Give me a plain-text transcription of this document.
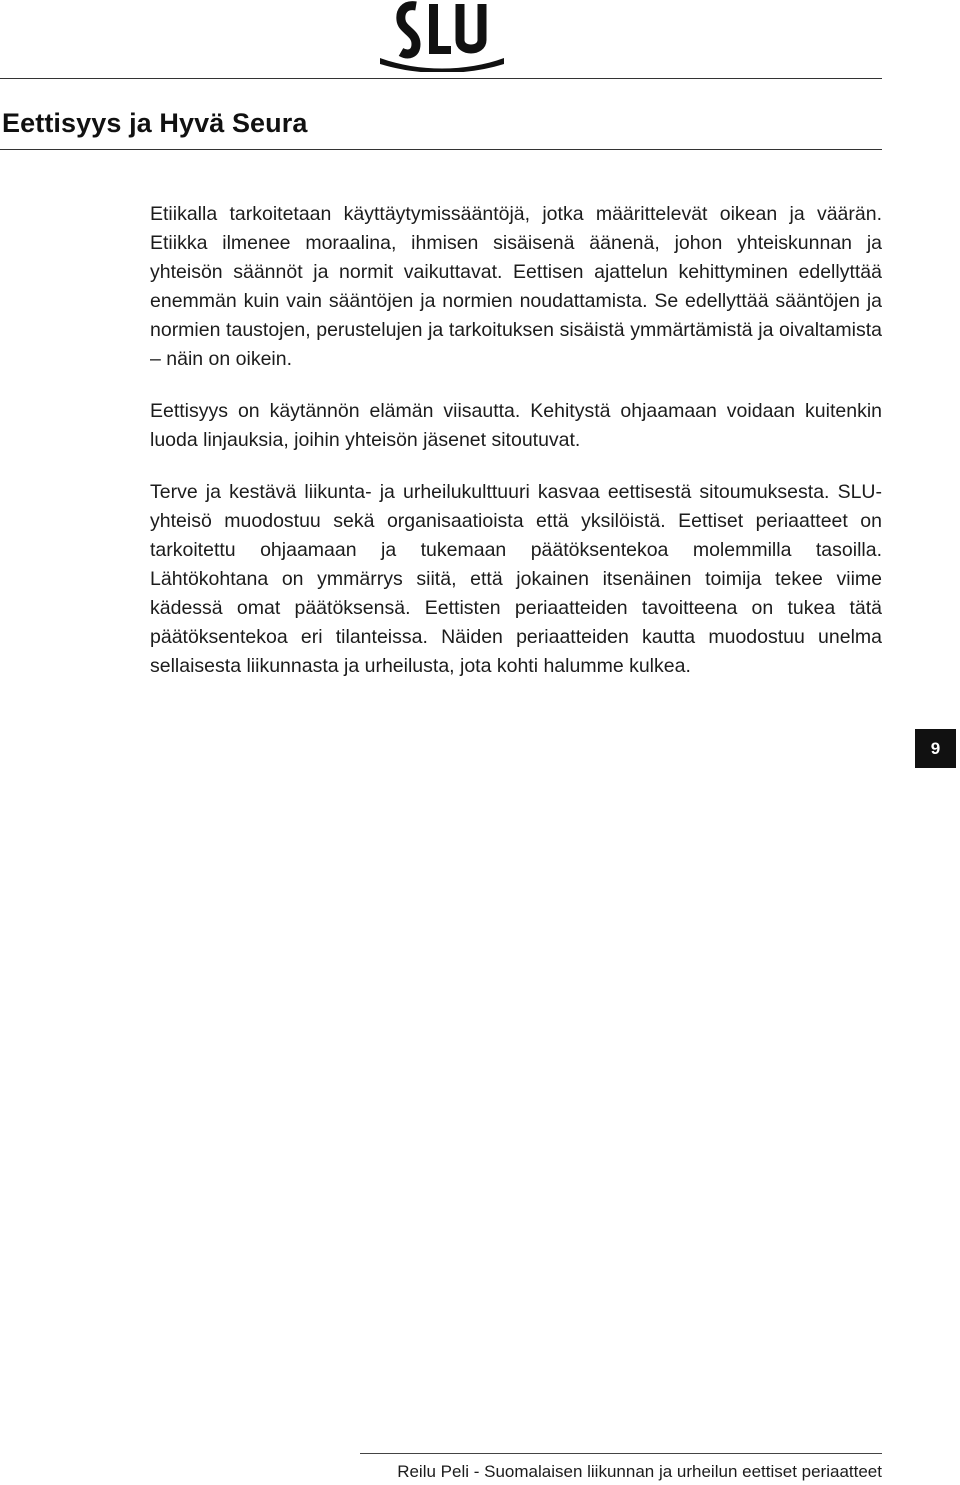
Eettisyys ja Hyvä Seura

Etiikalla tarkoitetaan käyttäytymissääntöjä, jotka määrittelevät oikean ja väärän. Etiikka ilmenee moraalina, ihmisen sisäisenä äänenä, johon yhteiskunnan ja yhteisön säännöt ja normit vaikuttavat. Eettisen ajattelun kehittyminen edellyttää enemmän kuin vain sääntöjen ja normien noudattamista. Se edellyttää sääntöjen ja normien taustojen, perustelujen ja tarkoituksen sisäistä ymmärtämistä ja oivaltamista – näin on oikein.

Eettisyys on käytännön elämän viisautta. Kehitystä ohjaamaan voidaan kuitenkin luoda linjauksia, joihin yhteisön jäsenet sitoutuvat.

Terve ja kestävä liikunta- ja urheilukulttuuri kasvaa eettisestä sitoumuksesta. SLU-yhteisö muodostuu sekä organisaatioista että yksilöistä. Eettiset periaatteet on tarkoitettu ohjaamaan ja tukemaan päätöksentekoa molemmilla tasoilla. Lähtökohtana on ymmärrys siitä, että jokainen itsenäinen toimija tekee viime kädessä omat päätöksensä. Eettisten periaatteiden tavoitteena on tukea tätä päätöksentekoa eri tilanteissa. Näiden periaatteiden kautta muodostuu unelma sellaisesta liikunnasta ja urheilusta, jota kohti halumme kulkea.

9
Reilu Peli - Suomalaisen liikunnan ja urheilun eettiset periaatteet
